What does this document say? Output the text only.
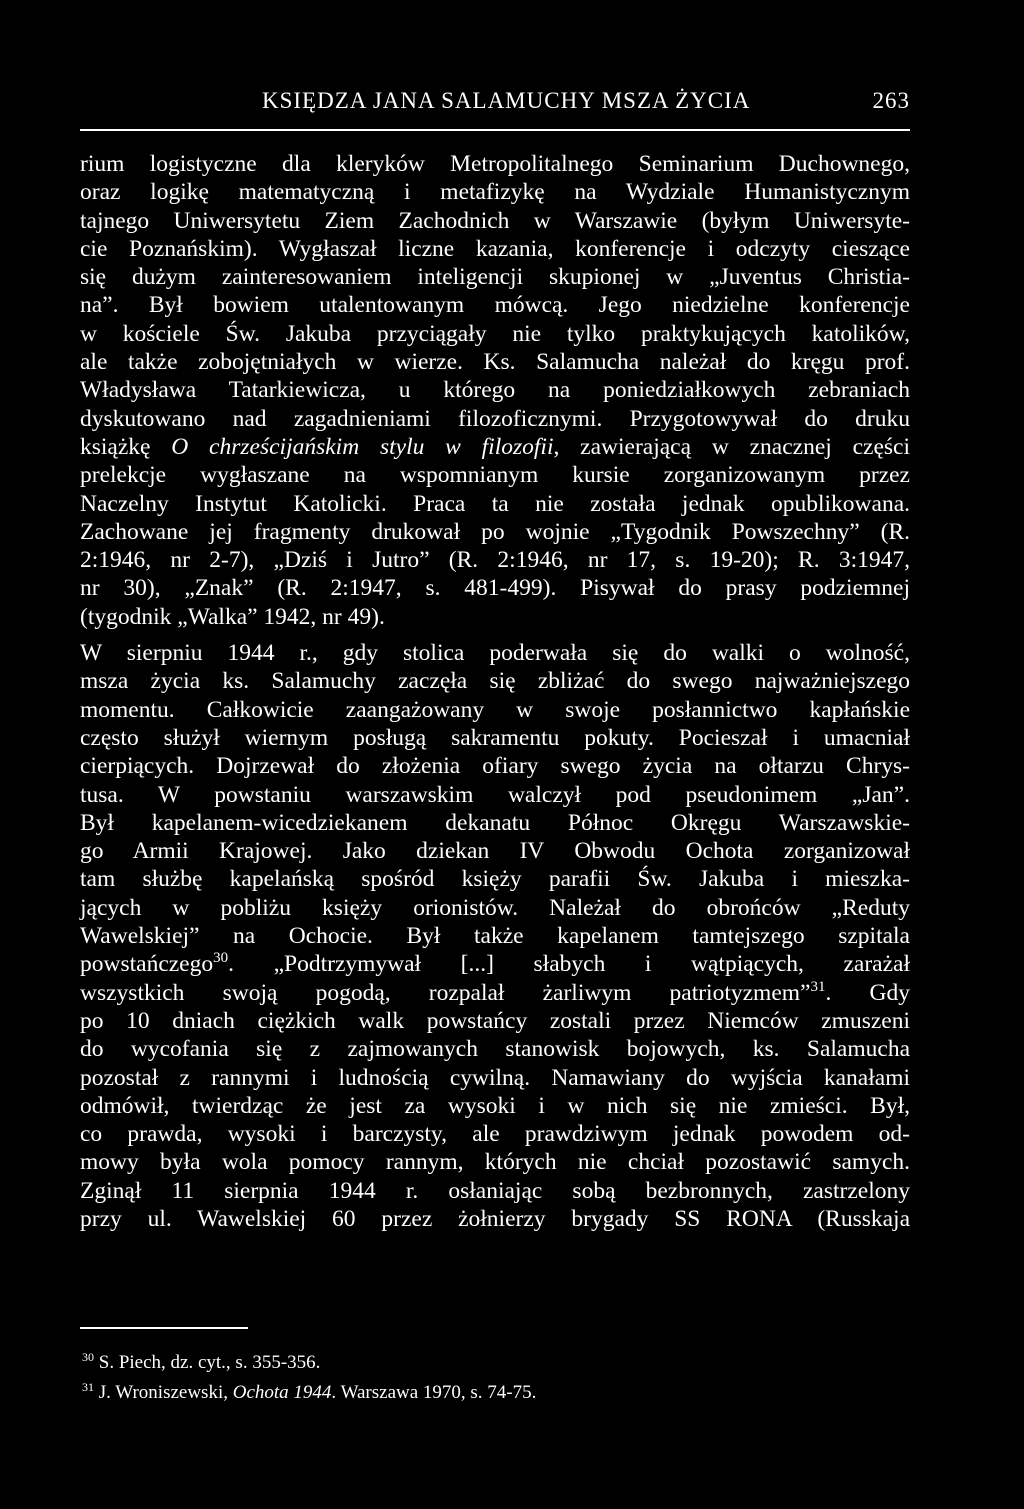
KSIĘDZA JANA SALAMUCHY MSZA ŻYCIA	263
rium logistyczne dla kleryków Metropolitalnego Seminarium Duchownego,
oraz logikę matematyczną i metafizykę na Wydziale Humanistycznym
tajnego Uniwersytetu Ziem Zachodnich w Warszawie (byłym Uniwersyte-
cie Poznańskim). Wygłaszał liczne kazania, konferencje i odczyty cieszące
się dużym zainteresowaniem inteligencji skupionej w „Juventus Christia-
na”. Był bowiem utalentowanym mówcą. Jego niedzielne konferencje
w kościele Św. Jakuba przyciągały nie tylko praktykujących katolików,
ale także zobojętniałych w wierze. Ks. Salamucha należał do kręgu prof.
Władysława Tatarkiewicza, u którego na poniedziałkowych zebraniach
dyskutowano nad zagadnieniami filozoficznymi. Przygotowywał do druku
książkę O chrześcijańskim stylu w filozofii, zawierającą w znacznej części
prelekcje wygłaszane na wspomnianym kursie zorganizowanym przez
Naczelny Instytut Katolicki. Praca ta nie została jednak opublikowana.
Zachowane jej fragmenty drukował po wojnie „Tygodnik Powszechny” (R.
2:1946, nr 2-7), „Dziś i Jutro” (R. 2:1946, nr 17, s. 19-20); R. 3:1947,
nr 30), „Znak” (R. 2:1947, s. 481-499). Pisywał do prasy podziemnej
(tygodnik „Walka” 1942, nr 49).
W sierpniu 1944 r., gdy stolica poderwała się do walki o wolność,
msza życia ks. Salamuchy zaczęła się zbliżać do swego najważniejszego
momentu. Całkowicie zaangażowany w swoje posłannictwo kapłańskie
często służył wiernym posługą sakramentu pokuty. Pocieszał i umacniał
cierpiących. Dojrzewał do złożenia ofiary swego życia na ołtarzu Chrys-
tusa. W powstaniu warszawskim walczył pod pseudonimem „Jan”.
Był kapelanem-wicedziekanem dekanatu Północ Okręgu Warszawskie-
go Armii Krajowej. Jako dziekan IV Obwodu Ochota zorganizował
tam służbę kapelańską spośród księży parafii Św. Jakuba i mieszka-
jących w pobliżu księży orionistów. Należał do obrońców „Reduty
Wawelskiej” na Ochocie. Był także kapelanem tamtejszego szpitala
powstańczego$^{30}$. „Podtrzymywał [...] słabych i wątpiących, zarażał
wszystkich swoją pogodą, rozpalał żarliwym patriotyzmem”$^{31}$. Gdy
po 10 dniach ciężkich walk powstańcy zostali przez Niemców zmuszeni
do wycofania się z zajmowanych stanowisk bojowych, ks. Salamucha
pozostał z rannymi i ludnością cywilną. Namawiany do wyjścia kanałami
odmówił, twierdząc że jest za wysoki i w nich się nie zmieści. Był,
co prawda, wysoki i barczysty, ale prawdziwym jednak powodem od-
mowy była wola pomocy rannym, których nie chciał pozostawić samych.
Zginął 11 sierpnia 1944 r. osłaniając sobą bezbronnych, zastrzelony
przy ul. Wawelskiej 60 przez żołnierzy brygady SS RONA (Russkaja
$^{30}$ S. Piech, dz. cyt., s. 355-356.
$^{31}$ J. Wroniszewski, Ochota 1944. Warszawa 1970, s. 74-75.
